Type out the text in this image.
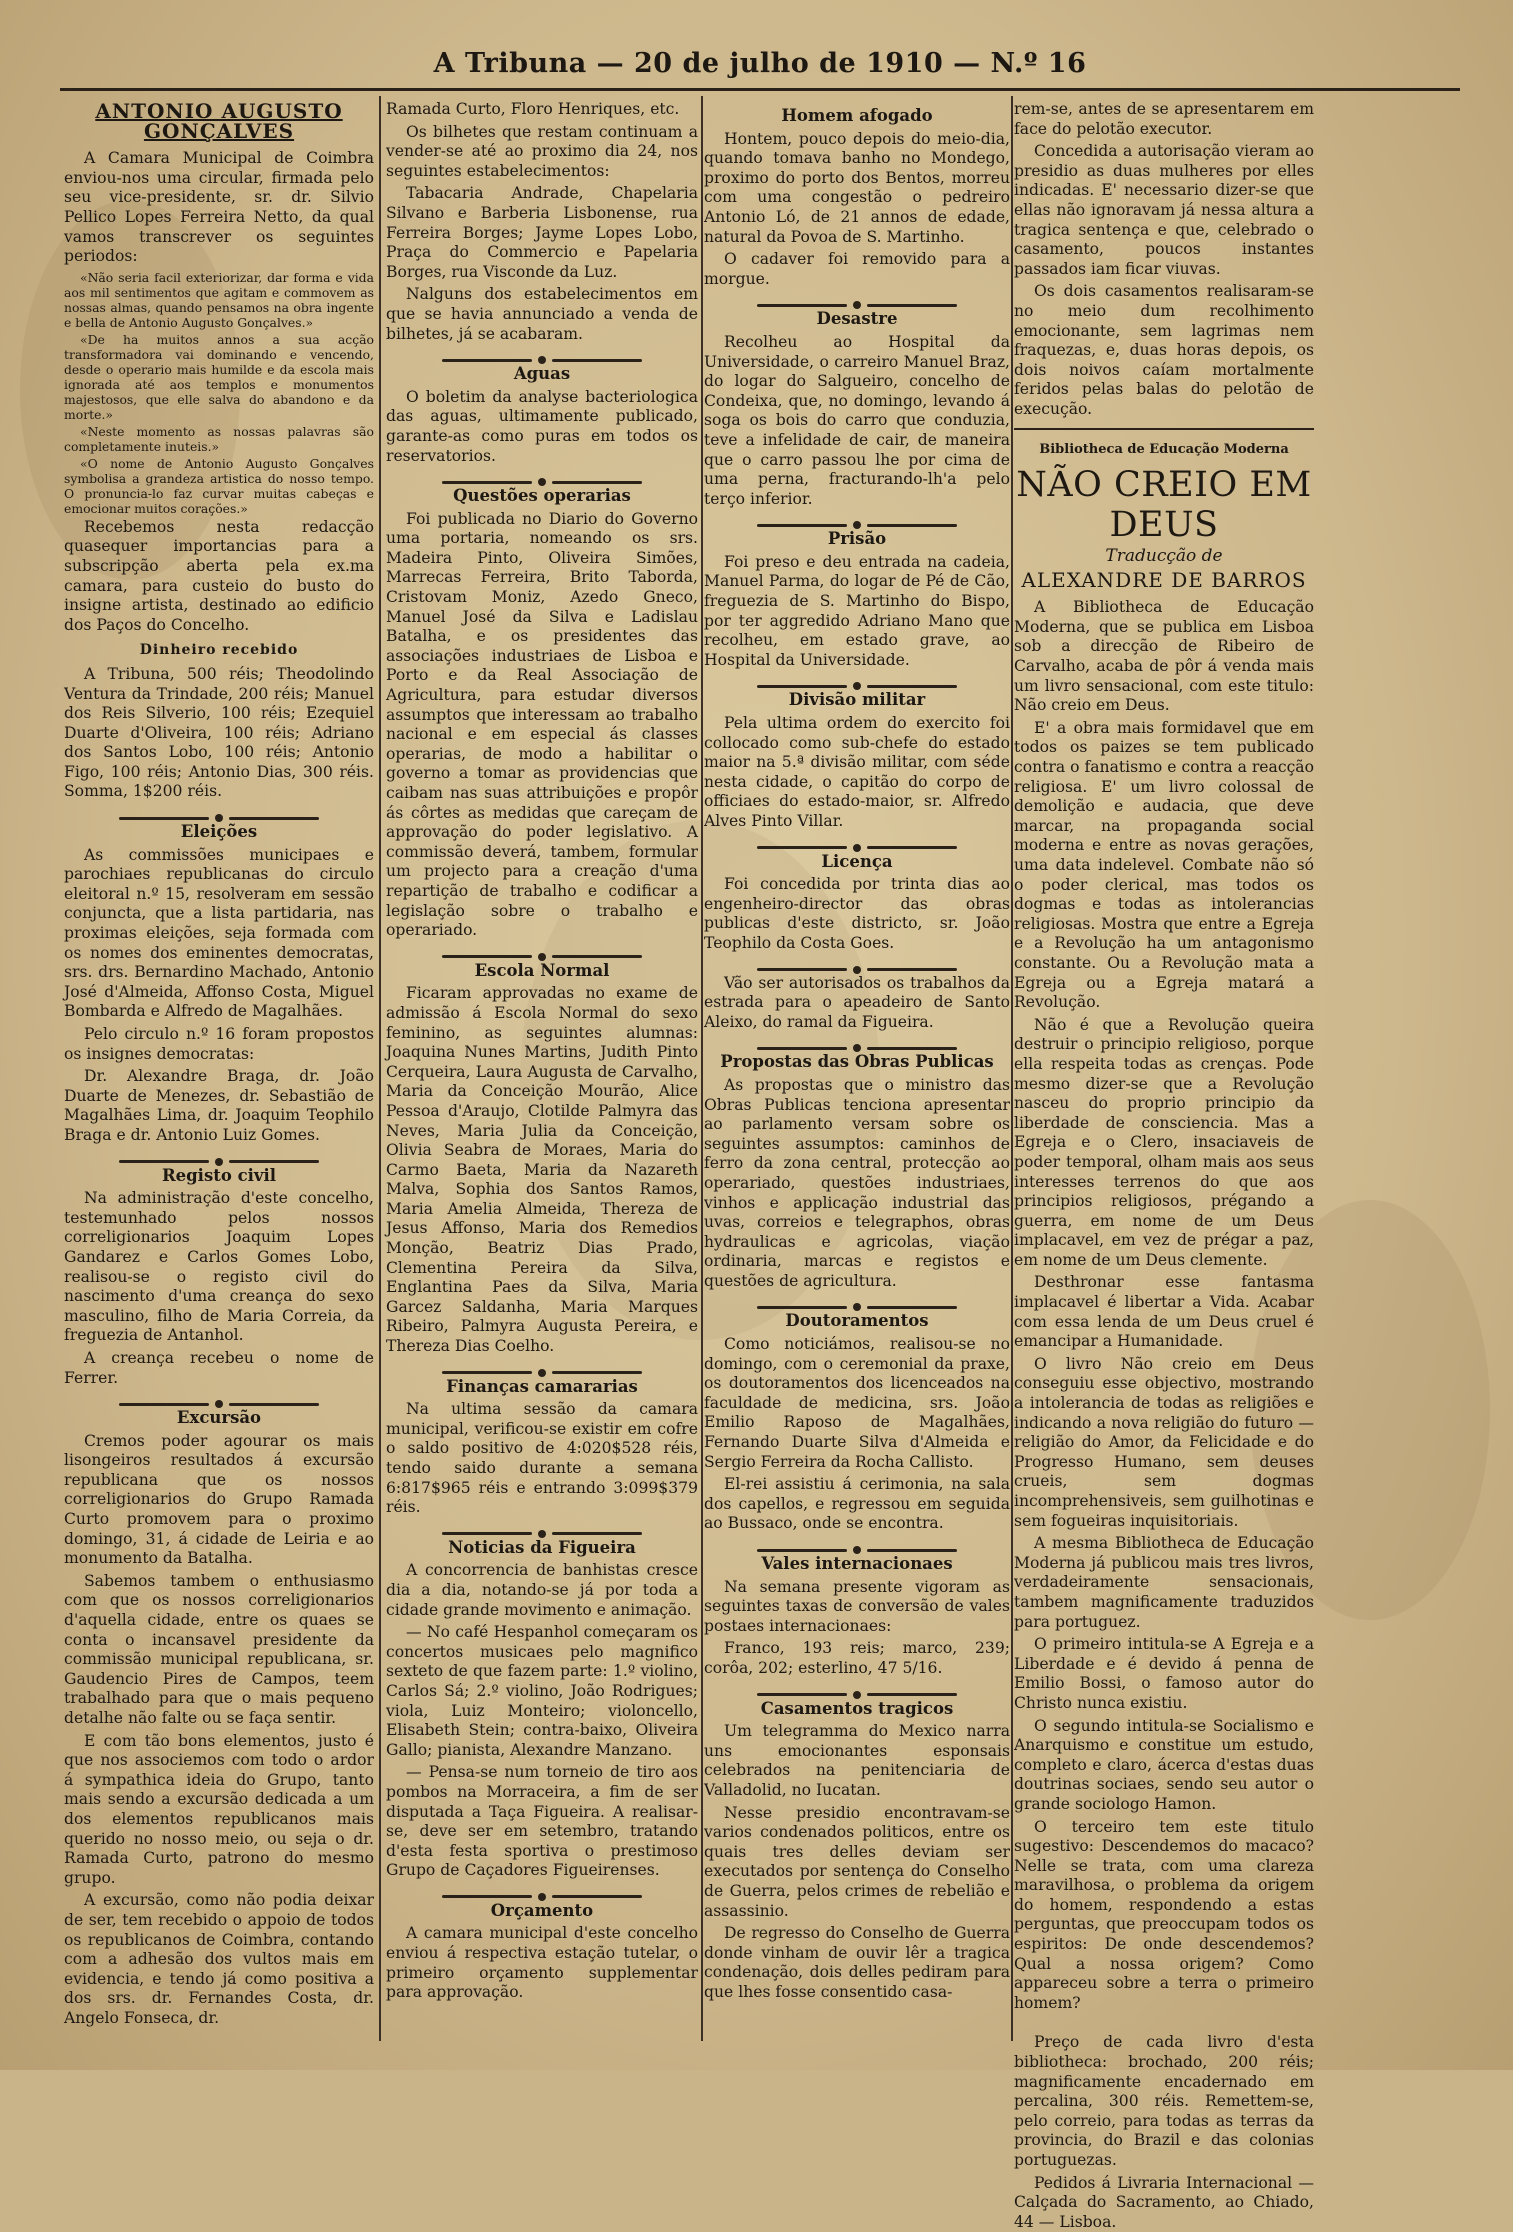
A Tribuna — 20 de julho de 1910 — N.º 16
ANTONIO AUGUSTO GONÇALVES

A Camara Municipal de Coimbra enviou-nos uma circular, firmada pelo seu vice-presidente, sr. dr. Silvio Pellico Lopes Ferreira Netto, da qual vamos transcrever os seguintes periodos:

«Não seria facil exteriorizar, dar forma e vida aos mil sentimentos que agitam e commovem as nossas almas, quando pensamos na obra ingente e bella de Antonio Augusto Gonçalves.»

«De ha muitos annos a sua acção transformadora vai dominando e vencendo, desde o operario mais humilde e da escola mais ignorada até aos templos e monumentos majestosos, que elle salva do abandono e da morte.»

«Neste momento as nossas palavras são completamente inuteis.»

«O nome de Antonio Augusto Gonçalves symbolisa a grandeza artistica do nosso tempo. O pronuncia-lo faz curvar muitas cabeças e emocionar muitos corações.»

Recebemos nesta redacção quasequer importancias para a subscripção aberta pela ex.ma camara, para custeio do busto do insigne artista, destinado ao edificio dos Paços do Concelho.

Dinheiro recebido

A Tribuna, 500 réis; Theodolindo Ventura da Trindade, 200 réis; Manuel dos Reis Silverio, 100 réis; Ezequiel Duarte d'Oliveira, 100 réis; Adriano dos Santos Lobo, 100 réis; Antonio Figo, 100 réis; Antonio Dias, 300 réis. Somma, 1$200 réis.

Eleições

As commissões municipaes e parochiaes republicanas do circulo eleitoral n.º 15, resolveram em sessão conjuncta, que a lista partidaria, nas proximas eleições, seja formada com os nomes dos eminentes democratas, srs. drs. Bernardino Machado, Antonio José d'Almeida, Affonso Costa, Miguel Bombarda e Alfredo de Magalhães.

Pelo circulo n.º 16 foram propostos os insignes democratas:

Dr. Alexandre Braga, dr. João Duarte de Menezes, dr. Sebastião de Magalhães Lima, dr. Joaquim Teophilo Braga e dr. Antonio Luiz Gomes.

Registo civil

Na administração d'este concelho, testemunhado pelos nossos correligionarios Joaquim Lopes Gandarez e Carlos Gomes Lobo, realisou-se o registo civil do nascimento d'uma creança do sexo masculino, filho de Maria Correia, da freguezia de Antanhol.

A creança recebeu o nome de Ferrer.

Excursão

Cremos poder agourar os mais lisongeiros resultados á excursão republicana que os nossos correligionarios do Grupo Ramada Curto promovem para o proximo domingo, 31, á cidade de Leiria e ao monumento da Batalha.

Sabemos tambem o enthusiasmo com que os nossos correligionarios d'aquella cidade, entre os quaes se conta o incansavel presidente da commissão municipal republicana, sr. Gaudencio Pires de Campos, teem trabalhado para que o mais pequeno detalhe não falte ou se faça sentir.

E com tão bons elementos, justo é que nos associemos com todo o ardor á sympathica ideia do Grupo, tanto mais sendo a excursão dedicada a um dos elementos republicanos mais querido no nosso meio, ou seja o dr. Ramada Curto, patrono do mesmo grupo.

A excursão, como não podia deixar de ser, tem recebido o appoio de todos os republicanos de Coimbra, contando com a adhesão dos vultos mais em evidencia, e tendo já como positiva a dos srs. dr. Fernandes Costa, dr. Angelo Fonseca, dr.

Ramada Curto, Floro Henriques, etc.

Os bilhetes que restam continuam a vender-se até ao proximo dia 24, nos seguintes estabelecimentos:

Tabacaria Andrade, Chapelaria Silvano e Barberia Lisbonense, rua Ferreira Borges; Jayme Lopes Lobo, Praça do Commercio e Papelaria Borges, rua Visconde da Luz.

Nalguns dos estabelecimentos em que se havia annunciado a venda de bilhetes, já se acabaram.

Aguas

O boletim da analyse bacteriologica das aguas, ultimamente publicado, garante-as como puras em todos os reservatorios.

Questões operarias

Foi publicada no Diario do Governo uma portaria, nomeando os srs. Madeira Pinto, Oliveira Simões, Marrecas Ferreira, Brito Taborda, Cristovam Moniz, Azedo Gneco, Manuel José da Silva e Ladislau Batalha, e os presidentes das associações industriaes de Lisboa e Porto e da Real Associação de Agricultura, para estudar diversos assumptos que interessam ao trabalho nacional e em especial ás classes operarias, de modo a habilitar o governo a tomar as providencias que caibam nas suas attribuições e propôr ás côrtes as medidas que careçam de approvação do poder legislativo. A commissão deverá, tambem, formular um projecto para a creação d'uma repartição de trabalho e codificar a legislação sobre o trabalho e operariado.

Escola Normal

Ficaram approvadas no exame de admissão á Escola Normal do sexo feminino, as seguintes alumnas: Joaquina Nunes Martins, Judith Pinto Cerqueira, Laura Augusta de Carvalho, Maria da Conceição Mourão, Alice Pessoa d'Araujo, Clotilde Palmyra das Neves, Maria Julia da Conceição, Olivia Seabra de Moraes, Maria do Carmo Baeta, Maria da Nazareth Malva, Sophia dos Santos Ramos, Maria Amelia Almeida, Thereza de Jesus Affonso, Maria dos Remedios Monção, Beatriz Dias Prado, Clementina Pereira da Silva, Englantina Paes da Silva, Maria Garcez Saldanha, Maria Marques Ribeiro, Palmyra Augusta Pereira, e Thereza Dias Coelho.

Finanças camararias

Na ultima sessão da camara municipal, verificou-se existir em cofre o saldo positivo de 4:020$528 réis, tendo saido durante a semana 6:817$965 réis e entrando 3:099$379 réis.

Noticias da Figueira

A concorrencia de banhistas cresce dia a dia, notando-se já por toda a cidade grande movimento e animação.

— No café Hespanhol começaram os concertos musicaes pelo magnifico sexteto de que fazem parte: 1.º violino, Carlos Sá; 2.º violino, João Rodrigues; viola, Luiz Monteiro; violoncello, Elisabeth Stein; contra-baixo, Oliveira Gallo; pianista, Alexandre Manzano.

— Pensa-se num torneio de tiro aos pombos na Morraceira, a fim de ser disputada a Taça Figueira. A realisar-se, deve ser em setembro, tratando d'esta festa sportiva o prestimoso Grupo de Caçadores Figueirenses.

Orçamento

A camara municipal d'este concelho enviou á respectiva estação tutelar, o primeiro orçamento supplementar para approvação.

Homem afogado

Hontem, pouco depois do meio-dia, quando tomava banho no Mondego, proximo do porto dos Bentos, morreu com uma congestão o pedreiro Antonio Ló, de 21 annos de edade, natural da Povoa de S. Martinho.

O cadaver foi removido para a morgue.

Desastre

Recolheu ao Hospital da Universidade, o carreiro Manuel Braz, do logar do Salgueiro, concelho de Condeixa, que, no domingo, levando á soga os bois do carro que conduzia, teve a infelidade de cair, de maneira que o carro passou lhe por cima de uma perna, fracturando-lh'a pelo terço inferior.

Prisão

Foi preso e deu entrada na cadeia, Manuel Parma, do logar de Pé de Cão, freguezia de S. Martinho do Bispo, por ter aggredido Adriano Mano que recolheu, em estado grave, ao Hospital da Universidade.

Divisão militar

Pela ultima ordem do exercito foi collocado como sub-chefe do estado maior na 5.ª divisão militar, com séde nesta cidade, o capitão do corpo de officiaes do estado-maior, sr. Alfredo Alves Pinto Villar.

Licença

Foi concedida por trinta dias ao engenheiro-director das obras publicas d'este districto, sr. João Teophilo da Costa Goes.

Vão ser autorisados os trabalhos da estrada para o apeadeiro de Santo Aleixo, do ramal da Figueira.

Propostas das Obras Publicas

As propostas que o ministro das Obras Publicas tenciona apresentar ao parlamento versam sobre os seguintes assumptos: caminhos de ferro da zona central, protecção ao operariado, questões industriaes, vinhos e applicação industrial das uvas, correios e telegraphos, obras hydraulicas e agricolas, viação ordinaria, marcas e registos e questões de agricultura.

Doutoramentos

Como noticiámos, realisou-se no domingo, com o ceremonial da praxe, os doutoramentos dos licenceados na faculdade de medicina, srs. João Emilio Raposo de Magalhães, Fernando Duarte Silva d'Almeida e Sergio Ferreira da Rocha Callisto.

El-rei assistiu á cerimonia, na sala dos capellos, e regressou em seguida ao Bussaco, onde se encontra.

Vales internacionaes

Na semana presente vigoram as seguintes taxas de conversão de vales postaes internacionaes:

Franco, 193 reis; marco, 239; corôa, 202; esterlino, 47 5/16.

Casamentos tragicos

Um telegramma do Mexico narra uns emocionantes esponsais celebrados na penitenciaria de Valladolid, no Iucatan.

Nesse presidio encontravam-se varios condenados politicos, entre os quais tres delles deviam ser executados por sentença do Conselho de Guerra, pelos crimes de rebelião e assassinio.

De regresso do Conselho de Guerra donde vinham de ouvir lêr a tragica condenação, dois delles pediram para que lhes fosse consentido casa-

rem-se, antes de se apresentarem em face do pelotão executor.

Concedida a autorisação vieram ao presidio as duas mulheres por elles indicadas. E' necessario dizer-se que ellas não ignoravam já nessa altura a tragica sentença e que, celebrado o casamento, poucos instantes passados iam ficar viuvas.

Os dois casamentos realisaram-se no meio dum recolhimento emocionante, sem lagrimas nem fraquezas, e, duas horas depois, os dois noivos caíam mortalmente feridos pelas balas do pelotão de execução.

Bibliotheca de Educação Moderna
NÃO CREIO EM DEUS
Traducção de
ALEXANDRE DE BARROS

A Bibliotheca de Educação Moderna, que se publica em Lisboa sob a direcção de Ribeiro de Carvalho, acaba de pôr á venda mais um livro sensacional, com este titulo: Não creio em Deus.

E' a obra mais formidavel que em todos os paizes se tem publicado contra o fanatismo e contra a reacção religiosa. E' um livro colossal de demolição e audacia, que deve marcar, na propaganda social moderna e entre as novas gerações, uma data indelevel. Combate não só o poder clerical, mas todos os dogmas e todas as intolerancias religiosas. Mostra que entre a Egreja e a Revolução ha um antagonismo constante. Ou a Revolução mata a Egreja ou a Egreja matará a Revolução.

Não é que a Revolução queira destruir o principio religioso, porque ella respeita todas as crenças. Pode mesmo dizer-se que a Revolução nasceu do proprio principio da liberdade de consciencia. Mas a Egreja e o Clero, insaciaveis de poder temporal, olham mais aos seus interesses terrenos do que aos principios religiosos, prégando a guerra, em nome de um Deus implacavel, em vez de prégar a paz, em nome de um Deus clemente.

Desthronar esse fantasma implacavel é libertar a Vida. Acabar com essa lenda de um Deus cruel é emancipar a Humanidade.

O livro Não creio em Deus conseguiu esse objectivo, mostrando a intolerancia de todas as religiões e indicando a nova religião do futuro — religião do Amor, da Felicidade e do Progresso Humano, sem deuses crueis, sem dogmas incomprehensiveis, sem guilhotinas e sem fogueiras inquisitoriais.

A mesma Bibliotheca de Educação Moderna já publicou mais tres livros, verdadeiramente sensacionais, tambem magnificamente traduzidos para portuguez.

O primeiro intitula-se A Egreja e a Liberdade e é devido á penna de Emilio Bossi, o famoso autor do Christo nunca existiu.

O segundo intitula-se Socialismo e Anarquismo e constitue um estudo, completo e claro, ácerca d'estas duas doutrinas sociaes, sendo seu autor o grande sociologo Hamon.

O terceiro tem este titulo sugestivo: Descendemos do macaco? Nelle se trata, com uma clareza maravilhosa, o problema da origem do homem, respondendo a estas perguntas, que preoccupam todos os espiritos: De onde descendemos? Qual a nossa origem? Como appareceu sobre a terra o primeiro homem?

Preço de cada livro d'esta bibliotheca: brochado, 200 réis; magnificamente encadernado em percalina, 300 réis. Remettem-se, pelo correio, para todas as terras da provincia, do Brazil e das colonias portuguezas.

Pedidos á Livraria Internacional — Calçada do Sacramento, ao Chiado, 44 — Lisboa.
